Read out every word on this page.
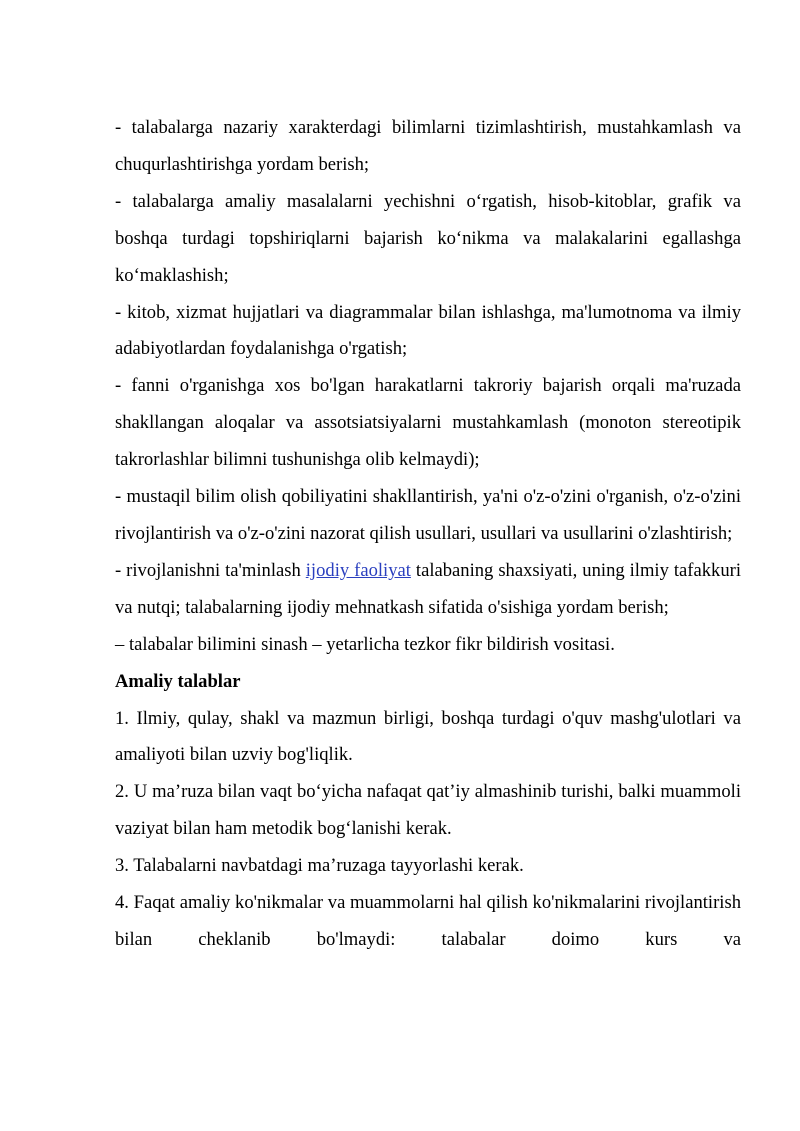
- talabalarga nazariy xarakterdagi bilimlarni tizimlashtirish, mustahkamlash va chuqurlashtirishga yordam berish;

- talabalarga amaliy masalalarni yechishni o‘rgatish, hisob-kitoblar, grafik va boshqa turdagi topshiriqlarni bajarish ko‘nikma va malakalarini egallashga ko‘maklashish;

- kitob, xizmat hujjatlari va diagrammalar bilan ishlashga, ma'lumotnoma va ilmiy adabiyotlardan foydalanishga o'rgatish;

- fanni o'rganishga xos bo'lgan harakatlarni takroriy bajarish orqali ma'ruzada shakllangan aloqalar va assotsiatsiyalarni mustahkamlash (monoton stereotipik takrorlashlar bilimni tushunishga olib kelmaydi);

- mustaqil bilim olish qobiliyatini shakllantirish, ya'ni o'z-o'zini o'rganish, o'z-o'zini rivojlantirish va o'z-o'zini nazorat qilish usullari, usullari va usullarini o'zlashtirish;

- rivojlanishni ta'minlash ijodiy faoliyat talabaning shaxsiyati, uning ilmiy tafakkuri va nutqi; talabalarning ijodiy mehnatkash sifatida o'sishiga yordam berish;

– talabalar bilimini sinash – yetarlicha tezkor fikr bildirish vositasi.

Amaliy talablar

1. Ilmiy, qulay, shakl va mazmun birligi, boshqa turdagi o'quv mashg'ulotlari va amaliyoti bilan uzviy bog'liqlik.

2. U ma’ruza bilan vaqt bo‘yicha nafaqat qat’iy almashinib turishi, balki muammoli vaziyat bilan ham metodik bog‘lanishi kerak.

3. Talabalarni navbatdagi ma’ruzaga tayyorlashi kerak.

4. Faqat amaliy ko'nikmalar va muammolarni hal qilish ko'nikmalarini rivojlantirish bilan cheklanib bo'lmaydi: talabalar doimo kurs va
